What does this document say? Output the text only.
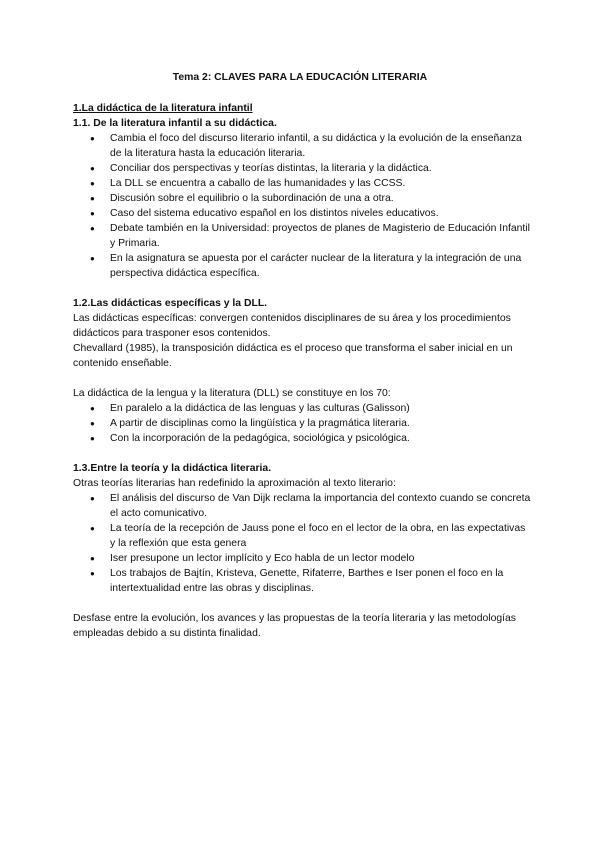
Tema 2: CLAVES PARA LA EDUCACIÓN LITERARIA

1.La didáctica de la literatura infantil

1.1. De la literatura infantil a su didáctica.

● Cambia el foco del discurso literario infantil, a su didáctica y la evolución de la enseñanza de la literatura hasta la educación literaria.
● Conciliar dos perspectivas y teorías distintas, la literaria y la didáctica.
● La DLL se encuentra a caballo de las humanidades y las CCSS.
● Discusión sobre el equilibrio o la subordinación de una a otra.
● Caso del sistema educativo español en los distintos niveles educativos.
● Debate también en la Universidad: proyectos de planes de Magisterio de Educación Infantil y Primaria.
● En la asignatura se apuesta por el carácter nuclear de la literatura y la integración de una perspectiva didáctica específica.

1.2.Las didácticas específicas y la DLL.

Las didácticas específicas: convergen contenidos disciplinares de su área y los procedimientos didácticos para trasponer esos contenidos.

Chevallard (1985), la transposición didáctica es el proceso que transforma el saber inicial en un contenido enseñable.

La didáctica de la lengua y la literatura (DLL) se constituye en los 70:

● En paralelo a la didáctica de las lenguas y las culturas (Galisson)
● A partir de disciplinas como la lingüística y la pragmática literaria.
● Con la incorporación de la pedagógica, sociológica y psicológica.

1.3.Entre la teoría y la didáctica literaria.

Otras teorías literarias han redefinido la aproximación al texto literario:

● El análisis del discurso de Van Dijk reclama la importancia del contexto cuando se concreta el acto comunicativo.
● La teoría de la recepción de Jauss pone el foco en el lector de la obra, en las expectativas y la reflexión que esta genera
● Iser presupone un lector implícito y Eco habla de un lector modelo
● Los trabajos de Bajtín, Kristeva, Genette, Rifaterre, Barthes e Iser ponen el foco en la intertextualidad entre las obras y disciplinas.

Desfase entre la evolución, los avances y las propuestas de la teoría literaria y las metodologías empleadas debido a su distinta finalidad.
